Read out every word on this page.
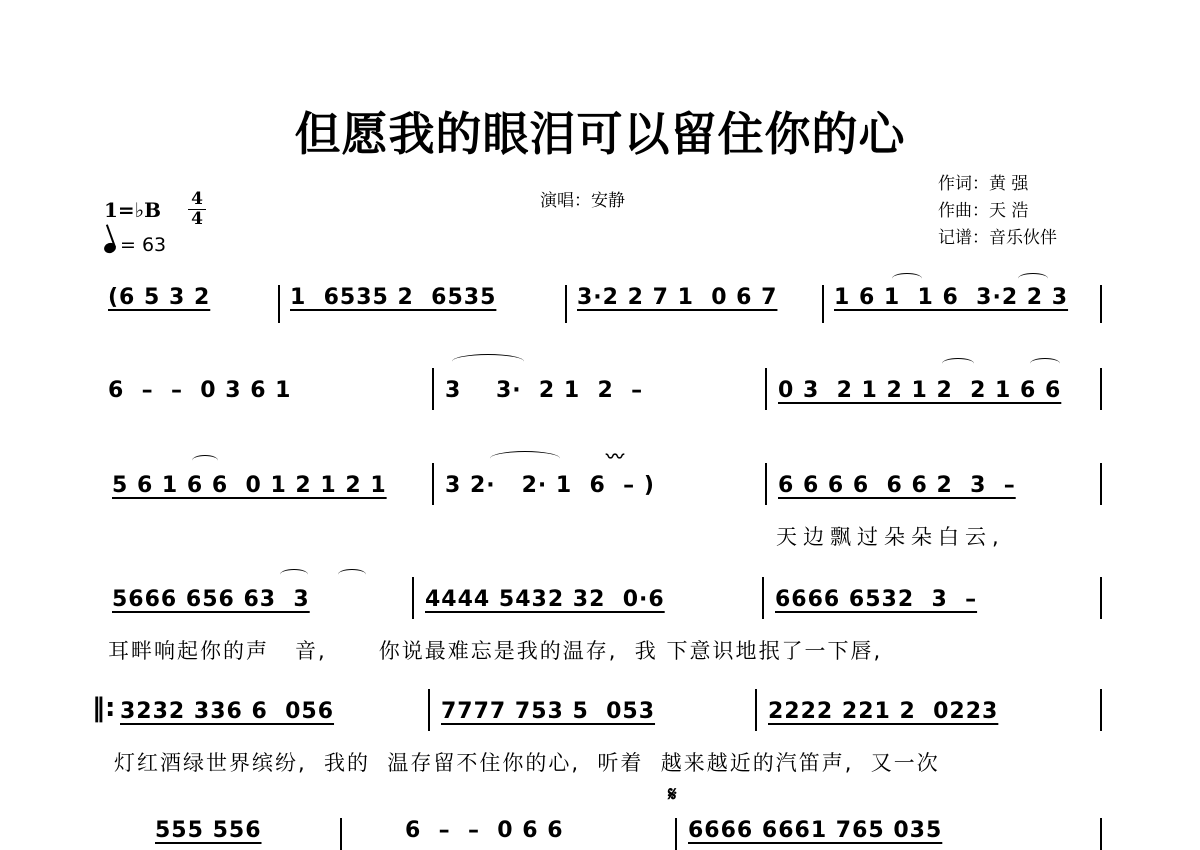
但愿我的眼泪可以留住你的心
演唱：安静
作词：黄 强
作曲：天 浩
记谱：音乐伙伴
1=♭B 4
4
= 63
(6 5 3 2	1  6535 2  6535	3·2 2 7 1  0 6 7	1 6 1  1 6  3·2 2 3
6  –  –  0 3 6 1	3    3·  2 1  2  –	0 3  2 1 2 1 2  2 1 6 6
5 6 1 6 6  0 1 2 1 2 1	3 2·   2· 1  6  – )	6 6 6 6  6 6 2  3  –
〰
天边飘过朵朵白云,
5666 656 63  3	4444 5432 32  0·6	6666 6532  3  –
耳畔响起你的声   音,      你说最难忘是我的温存,  我 下意识地抿了一下唇,
‖: 3232 336 6  056	7777 753 5  053	2222 221 2  0223
灯红酒绿世界缤纷,  我的  温存留不住你的心,  听着  越来越近的汽笛声,  又一次
555 556	6  –  –  0 6 6	6666 6661 765 035
𝄋
